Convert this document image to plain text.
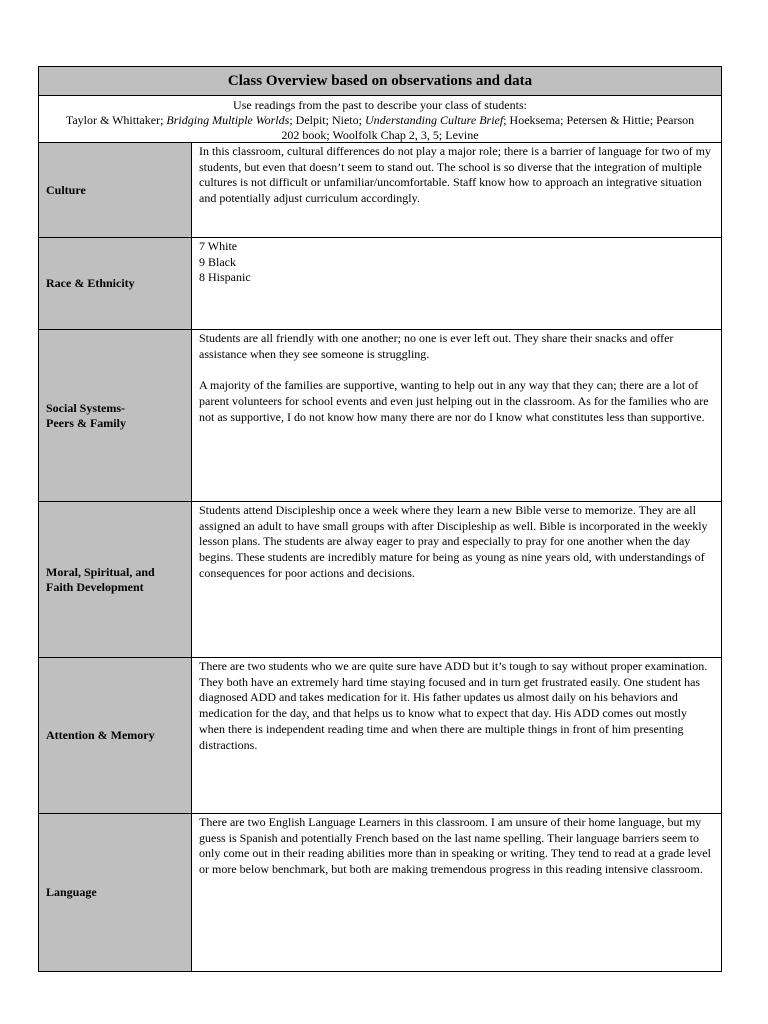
Class Overview based on observations and data
Use readings from the past to describe your class of students:
Taylor & Whittaker; Bridging Multiple Worlds; Delpit; Nieto; Understanding Culture Brief; Hoeksema; Petersen & Hittie; Pearson
202 book; Woolfolk Chap 2, 3, 5; Levine
Culture

In this classroom, cultural differences do not play a major role; there is a barrier of language for two of my students, but even that doesn’t seem to stand out. The school is so diverse that the integration of multiple cultures is not difficult or unfamiliar/uncomfortable. Staff know how to approach an integrative situation and potentially adjust curriculum accordingly.

Race & Ethnicity
7 White
9 Black
8 Hispanic
Social Systems-
Peers & Family

Students are all friendly with one another; no one is ever left out. They share their snacks and offer assistance when they see someone is struggling.

A majority of the families are supportive, wanting to help out in any way that they can; there are a lot of parent volunteers for school events and even just helping out in the classroom. As for the families who are not as supportive, I do not know how many there are nor do I know what constitutes less than supportive.

Moral, Spiritual, and
Faith Development

Students attend Discipleship once a week where they learn a new Bible verse to memorize. They are all assigned an adult to have small groups with after Discipleship as well. Bible is incorporated in the weekly lesson plans. The students are alway eager to pray and especially to pray for one another when the day begins. These students are incredibly mature for being as young as nine years old, with understandings of consequences for poor actions and decisions.

Attention & Memory

There are two students who we are quite sure have ADD but it’s tough to say without proper examination. They both have an extremely hard time staying focused and in turn get frustrated easily. One student has diagnosed ADD and takes medication for it. His father updates us almost daily on his behaviors and medication for the day, and that helps us to know what to expect that day. His ADD comes out mostly when there is independent reading time and when there are multiple things in front of him presenting distractions.

Language

There are two English Language Learners in this classroom. I am unsure of their home language, but my guess is Spanish and potentially French based on the last name spelling. Their language barriers seem to only come out in their reading abilities more than in speaking or writing. They tend to read at a grade level or more below benchmark, but both are making tremendous progress in this reading intensive classroom.
